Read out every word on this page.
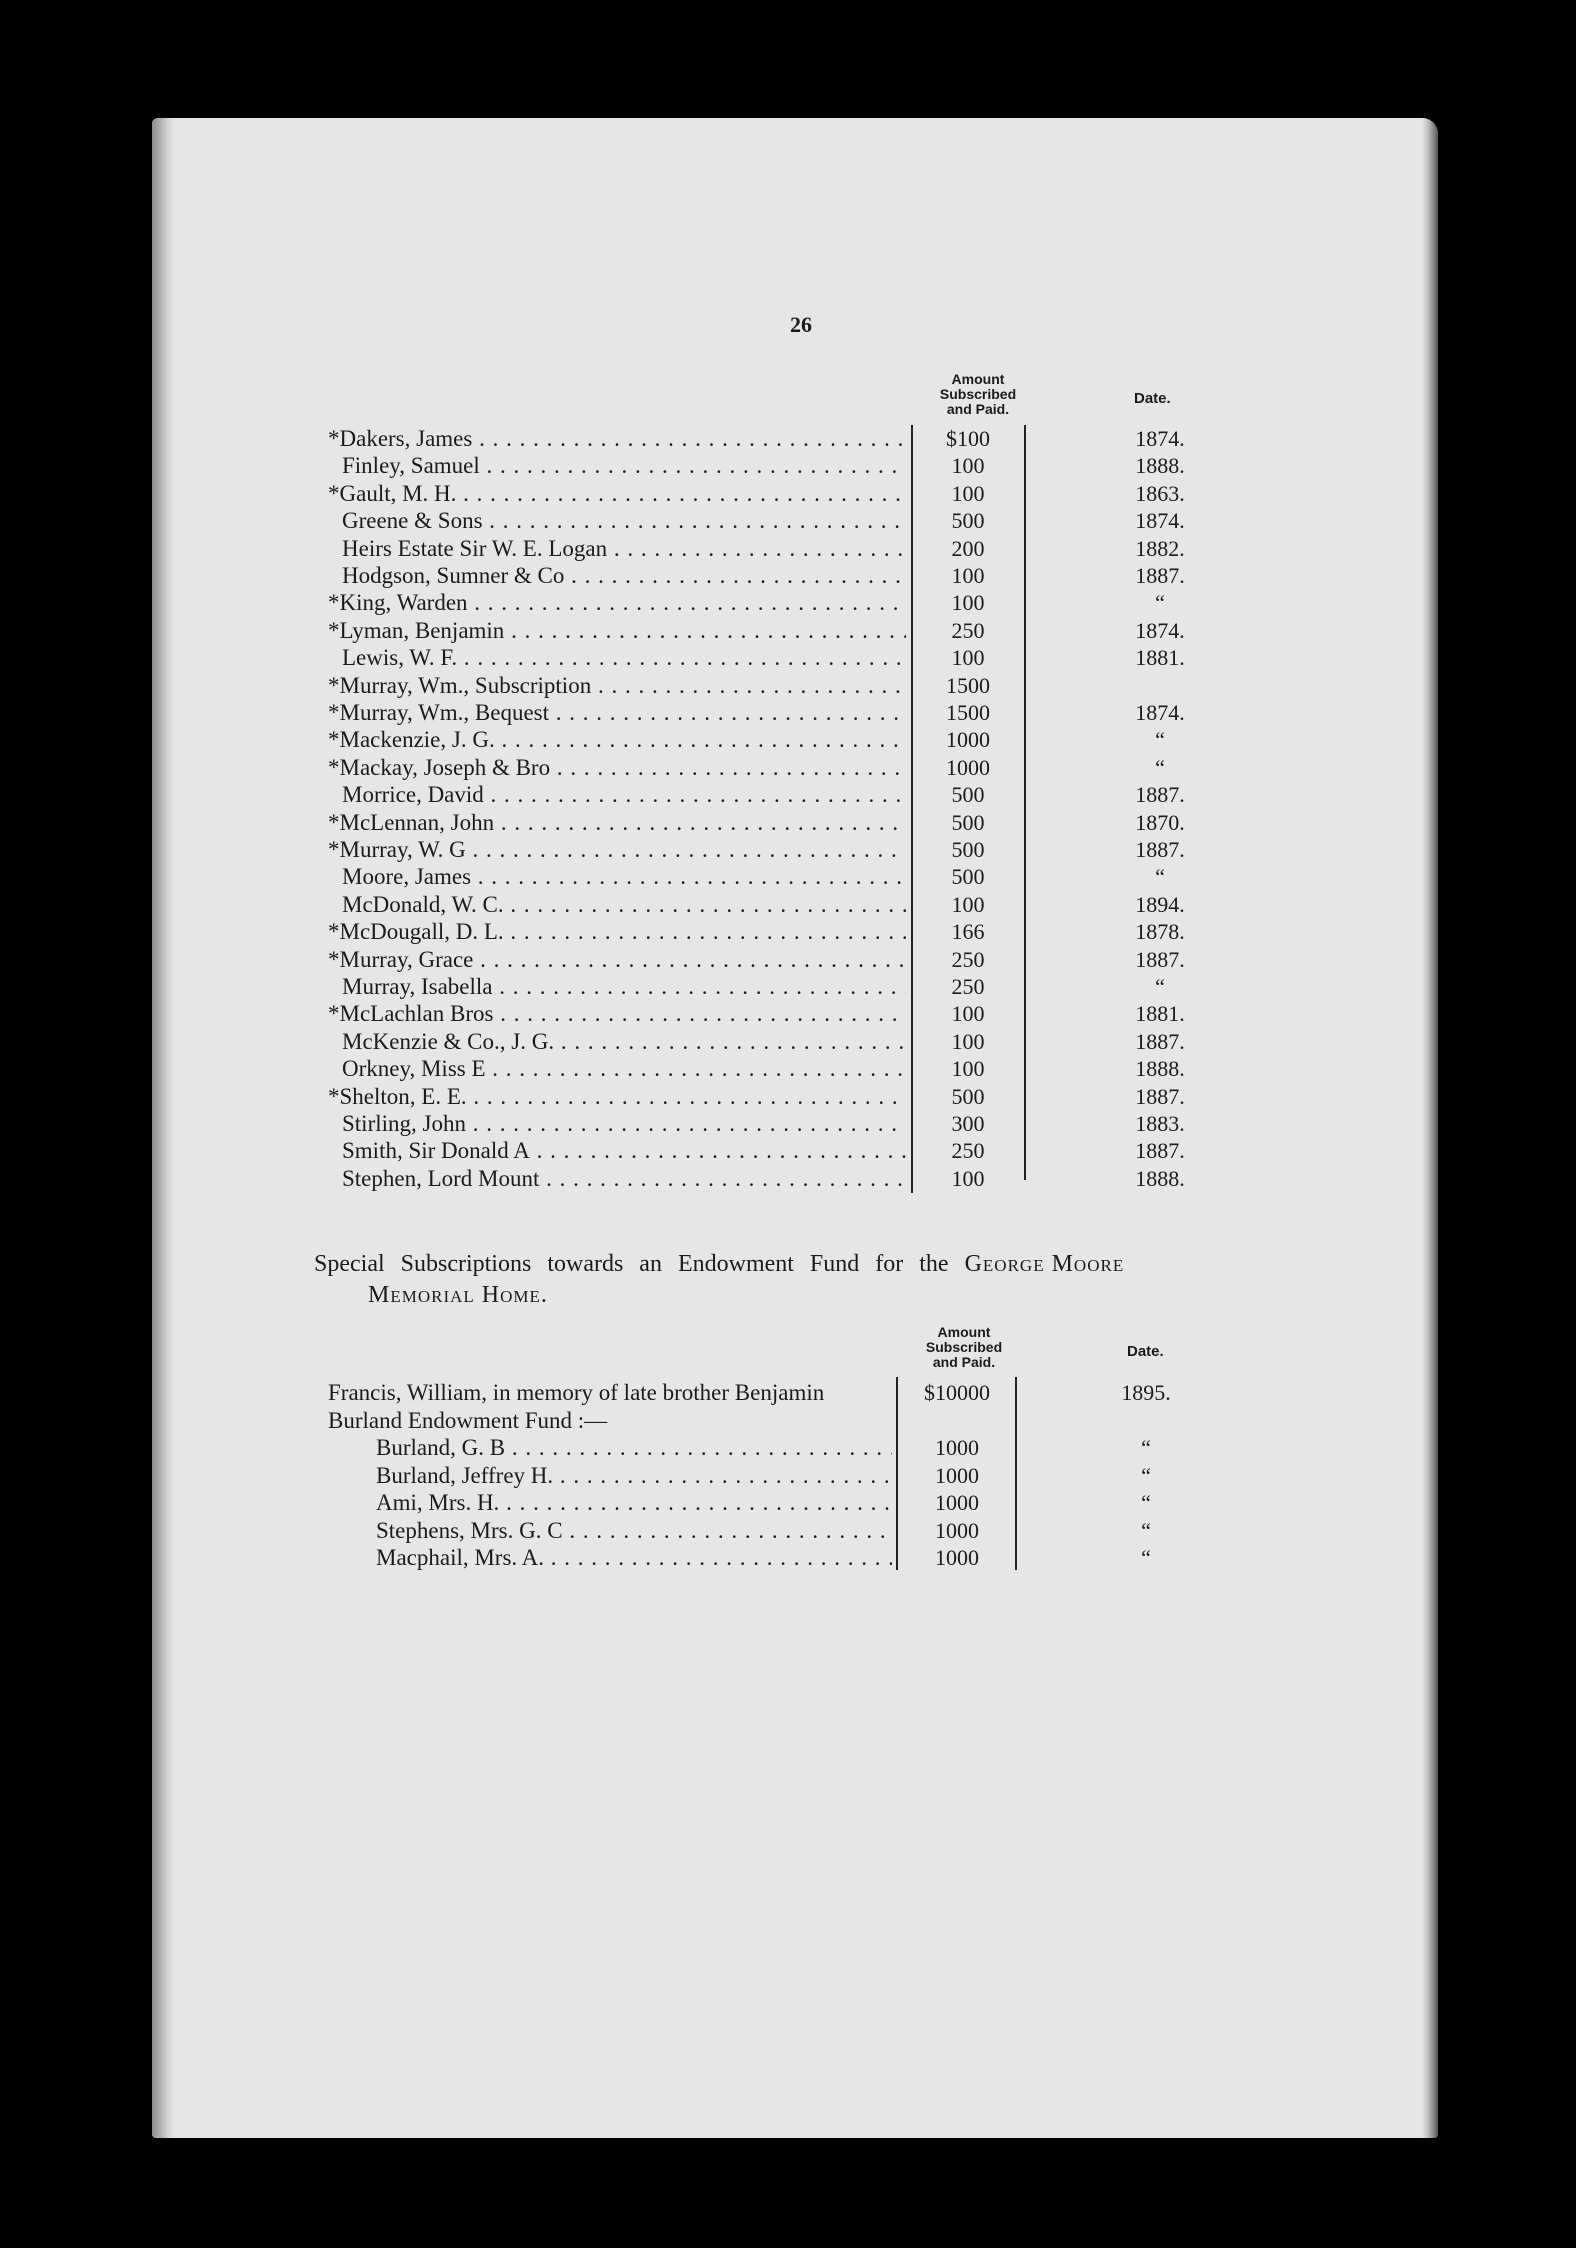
26
Amount
Subscribed
and Paid.
Date.
*Dakers, James . . .	$100	1874.
Finley, Samuel . . .	100	1888.
*Gault, M. H. . . .	100	1863.
Greene & Sons . . .	500	1874.
Heirs Estate Sir W. E. Logan . . .	200	1882.
Hodgson, Sumner & Co . . .	100	1887.
*King, Warden . . .	100	“
*Lyman, Benjamin . . .	250	1874.
Lewis, W. F. . . .	100	1881.
*Murray, Wm., Subscription . . .	1500
*Murray, Wm., Bequest . . .	1500	1874.
*Mackenzie, J. G. . . .	1000	“
*Mackay, Joseph & Bro . . .	1000	“
Morrice, David . . .	500	1887.
*McLennan, John . . .	500	1870.
*Murray, W. G . . .	500	1887.
Moore, James . . .	500	“
McDonald, W. C. . . .	100	1894.
*McDougall, D. L. . . .	166	1878.
*Murray, Grace . . .	250	1887.
Murray, Isabella . . .	250	“
*McLachlan Bros . . .	100	1881.
McKenzie & Co., J. G. . . .	100	1887.
Orkney, Miss E . . .	100	1888.
*Shelton, E. E. . . .	500	1887.
Stirling, John . . .	300	1883.
Smith, Sir Donald A . . .	250	1887.
Stephen, Lord Mount . . .	100	1888.
Special Subscriptions towards an Endowment Fund for the George Moore
Memorial Home.
Amount
Subscribed
and Paid.
Date.
Francis, William, in memory of late brother Benjamin	$10000	1895.
Burland Endowment Fund :—
Burland, G. B . . .	1000	“
Burland, Jeffrey H. . . .	1000	“
Ami, Mrs. H. . . .	1000	“
Stephens, Mrs. G. C . . .	1000	“
Macphail, Mrs. A. . . .	1000	“
